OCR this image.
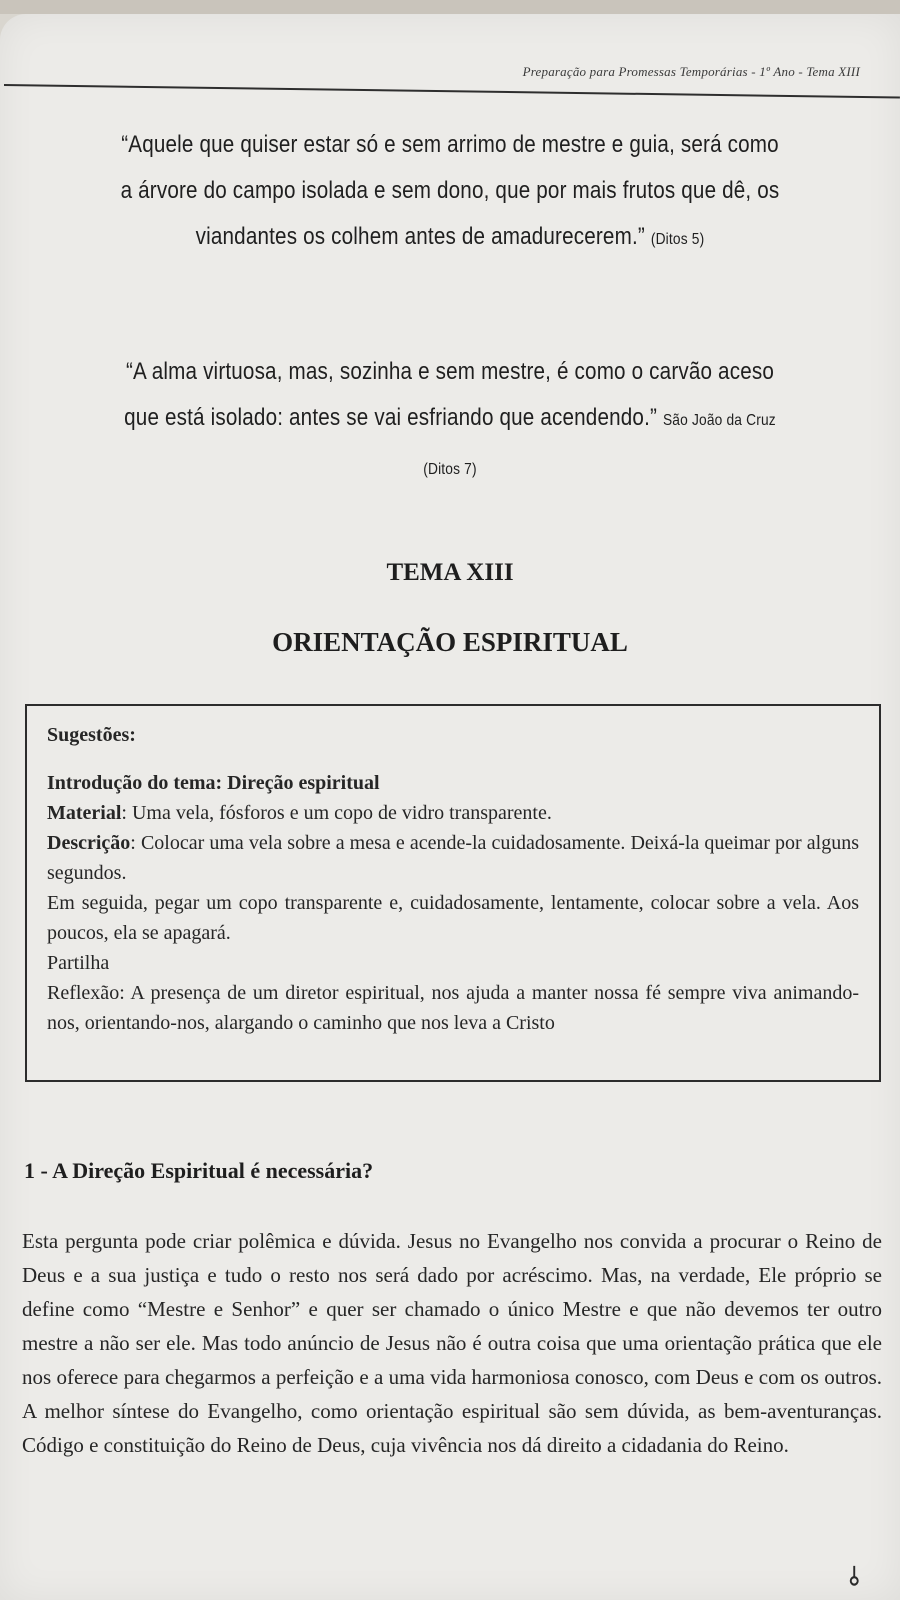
Preparação para Promessas Temporárias - 1º Ano - Tema XIII
“Aquele que quiser estar só e sem arrimo de mestre e guia, será como a árvore do campo isolada e sem dono, que por mais frutos que dê, os viandantes os colhem antes de amadurecerem.” (Ditos 5)
“A alma virtuosa, mas, sozinha e sem mestre, é como o carvão aceso que está isolado: antes se vai esfriando que acendendo.” São João da Cruz (Ditos 7)
TEMA XIII
ORIENTAÇÃO ESPIRITUAL

Sugestões:

Introdução do tema: Direção espiritual

Material: Uma vela, fósforos e um copo de vidro transparente.

Descrição: Colocar uma vela sobre a mesa e acende-la cuidadosamente. Deixá-la queimar por alguns segundos.

Em seguida, pegar um copo transparente e, cuidadosamente, lentamente, colocar sobre a vela. Aos poucos, ela se apagará.

Partilha

Reflexão: A presença de um diretor espiritual, nos ajuda a manter nossa fé sempre viva animando-nos, orientando-nos, alargando o caminho que nos leva a Cristo

1 - A Direção Espiritual é necessária?

Esta pergunta pode criar polêmica e dúvida. Jesus no Evangelho nos convida a procurar o Reino de Deus e a sua justiça e tudo o resto nos será dado por acréscimo. Mas, na verdade, Ele próprio se define como “Mestre e Senhor” e quer ser chamado o único Mestre e que não devemos ter outro mestre a não ser ele. Mas todo anúncio de Jesus não é outra coisa que uma orientação prática que ele nos oferece para chegarmos a perfeição e a uma vida harmoniosa conosco, com Deus e com os outros. A melhor síntese do Evangelho, como orientação espiritual são sem dúvida, as bem-aventuranças. Código e constituição do Reino de Deus, cuja vivência nos dá direito a cidadania do Reino.

⫰
